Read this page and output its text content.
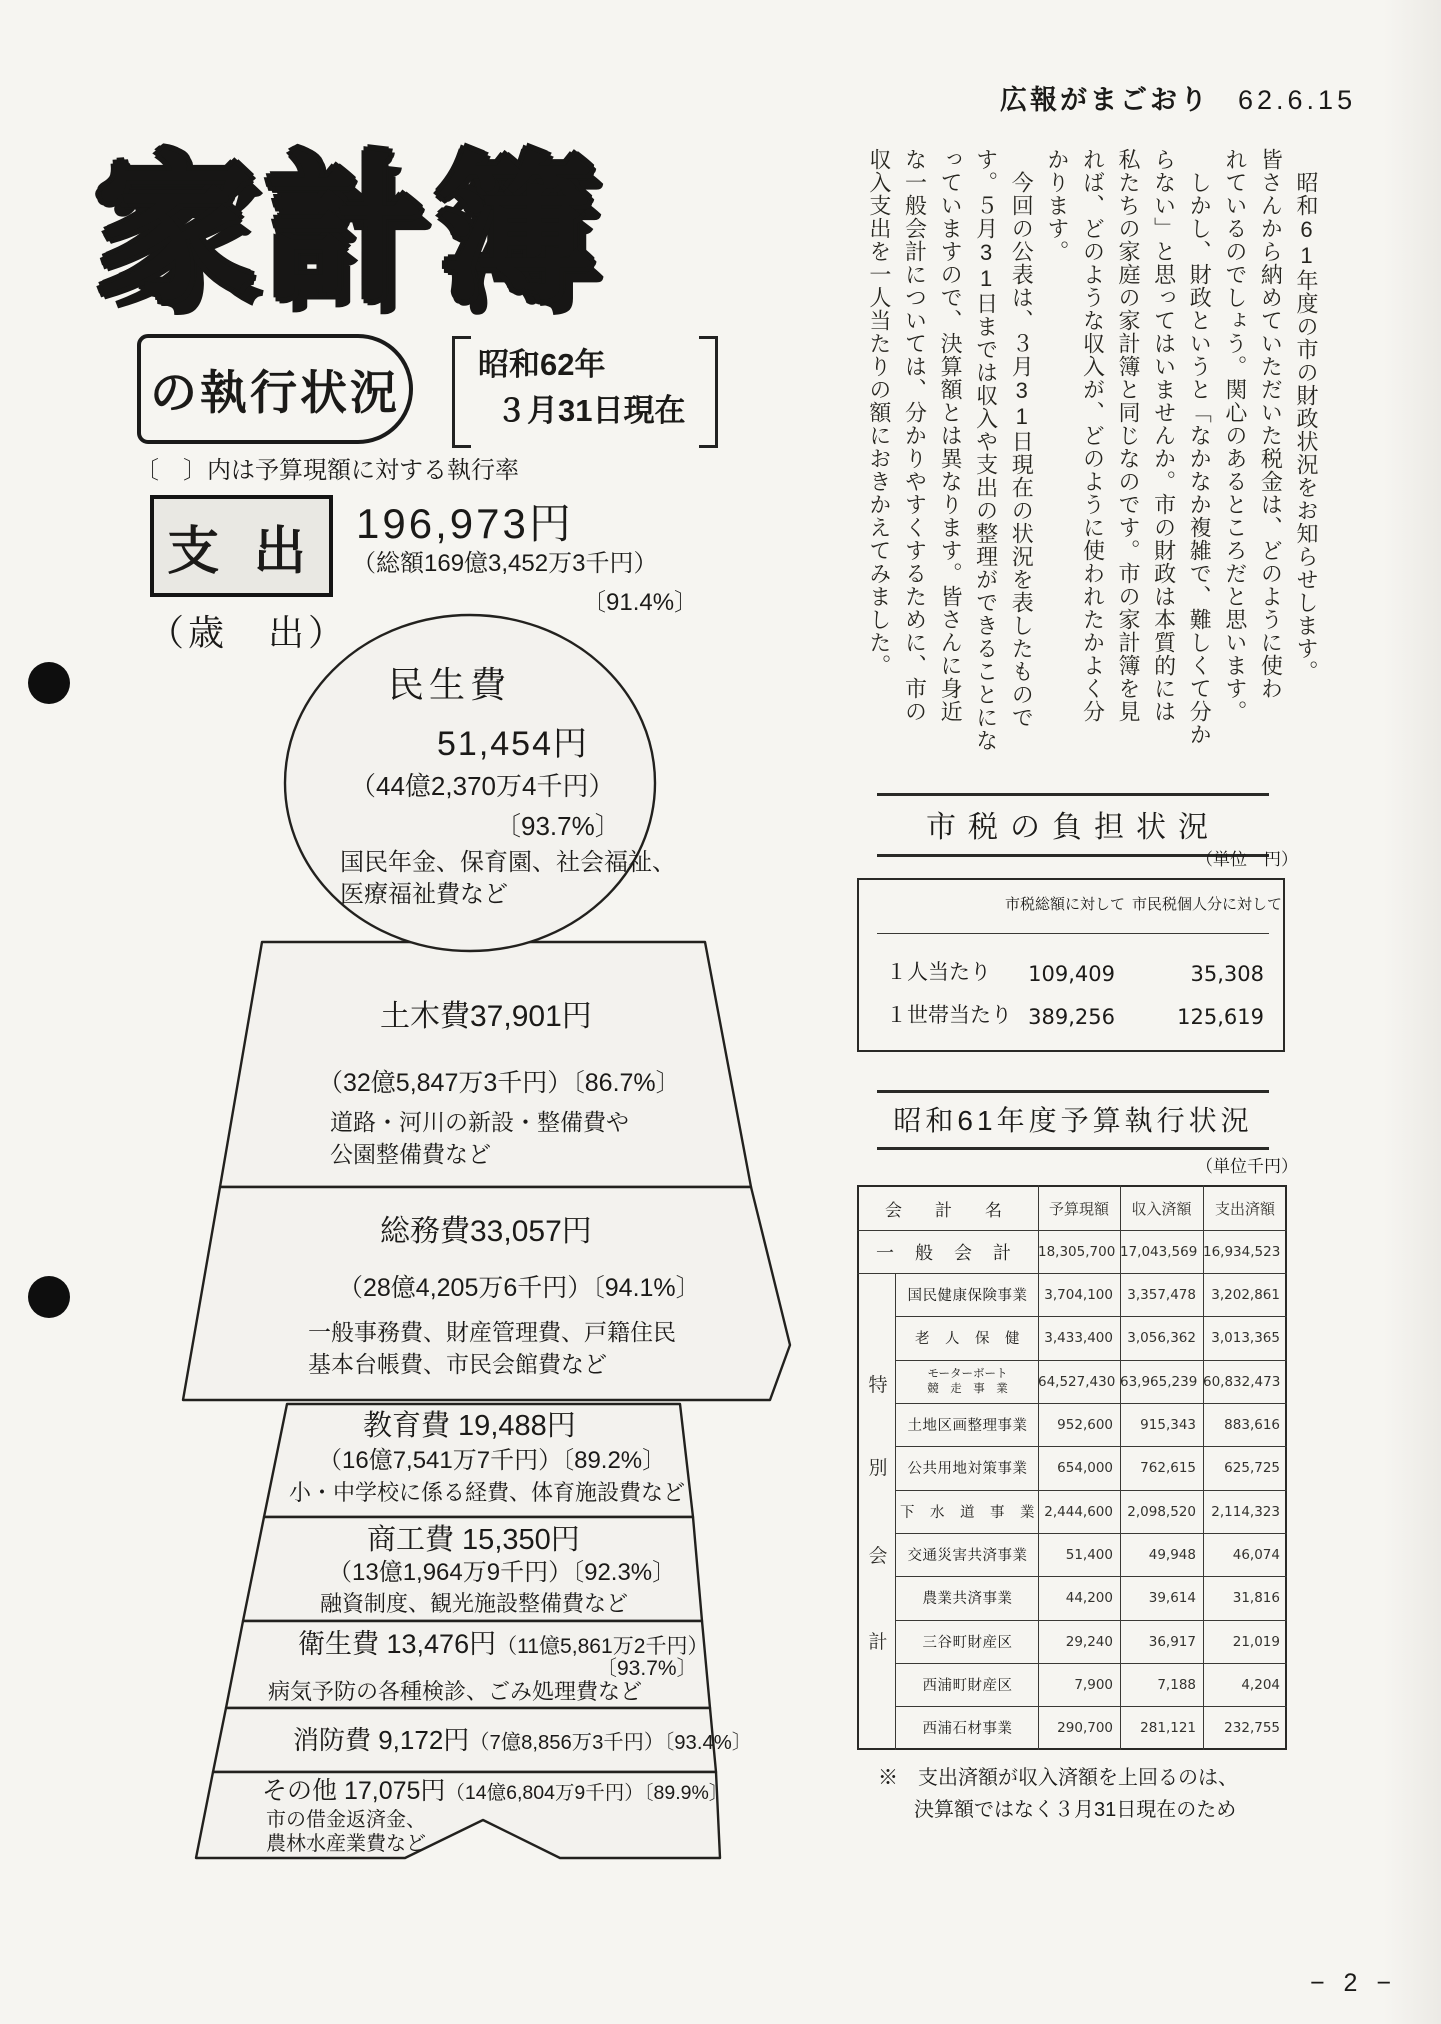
広報がまごおり 62.6.15
家計簿
の執行状況
昭和62年
３月31日現在
〔　〕内は予算現額に対する執行率
支 出 196,973円
（総額169億3,452万3千円）
〔91.4%〕
（歳　出）	　昭和61年度の市の財政状況をお知らせします。
皆さんから納めていただいた税金は、どのように使わ
れているのでしょう。関心のあるところだと思います。
　しかし、財政というと「なかなか複雑で、難しくて分か
らない」と思ってはいませんか。市の財政は本質的には
私たちの家庭の家計簿と同じなのです。市の家計簿を見
れば、どのような収入が、どのように使われたかよく分
かります。
　今回の公表は、３月31日現在の状況を表したもので
す。５月31日までは収入や支出の整理ができることにな
っていますので、決算額とは異なります。皆さんに身近
な一般会計については、分かりやすくするために、市の
収入支出を一人当たりの額におきかえてみました。
民生費
51,454円
（44億2,370万4千円）
〔93.7%〕
国民年金、保育園、社会福祉、
医療福祉費など
土木費37,901円
（32億5,847万3千円）〔86.7%〕
道路・河川の新設・整備費や
公園整備費など
総務費33,057円
（28億4,205万6千円）〔94.1%〕
一般事務費、財産管理費、戸籍住民
基本台帳費、市民会館費など
教育費 19,488円
（16億7,541万7千円）〔89.2%〕
小・中学校に係る経費、体育施設費など
商工費 15,350円
（13億1,964万9千円）〔92.3%〕
融資制度、観光施設整備費など
衛生費 13,476円（11億5,861万2千円）
〔93.7%〕
病気予防の各種検診、ごみ処理費など
消防費 9,172円（7億8,856万3千円）〔93.4%〕
その他 17,075円（14億6,804万9千円）〔89.9%〕
市の借金返済金、
農林水産業費など
市税の負担状況
（単位　円）
市税総額に対して 市民税個人分に対して
１人当たり	109,409	35,308
１世帯当たり 389,256	125,619
昭和61年度予算執行状況
（単位千円）
会　計　名	予算現額	収入済額	支出済額
特
別
会
計
一 般 会 計	18,305,700 17,043,569 16,934,523
国民健康保険事業	3,704,100	3,357,478	3,202,861
老　人　保　健	3,433,400	3,056,362	3,013,365
モーターボート
競　走　事　業	64,527,430 63,965,239 60,832,473
土地区画整理事業	952,600	915,343	883,616
公共用地対策事業	654,000	762,615	625,725
下　水　道　事　業 2,444,600	2,098,520	2,114,323
交通災害共済事業	51,400	49,948	46,074
農業共済事業	44,200	39,614	31,816
三谷町財産区	29,240	36,917	21,019
西浦町財産区	7,900	7,188	4,204
西浦石材事業	290,700	281,121	232,755
※　支出済額が収入済額を上回るのは、
決算額ではなく３月31日現在のため
− 2 −
